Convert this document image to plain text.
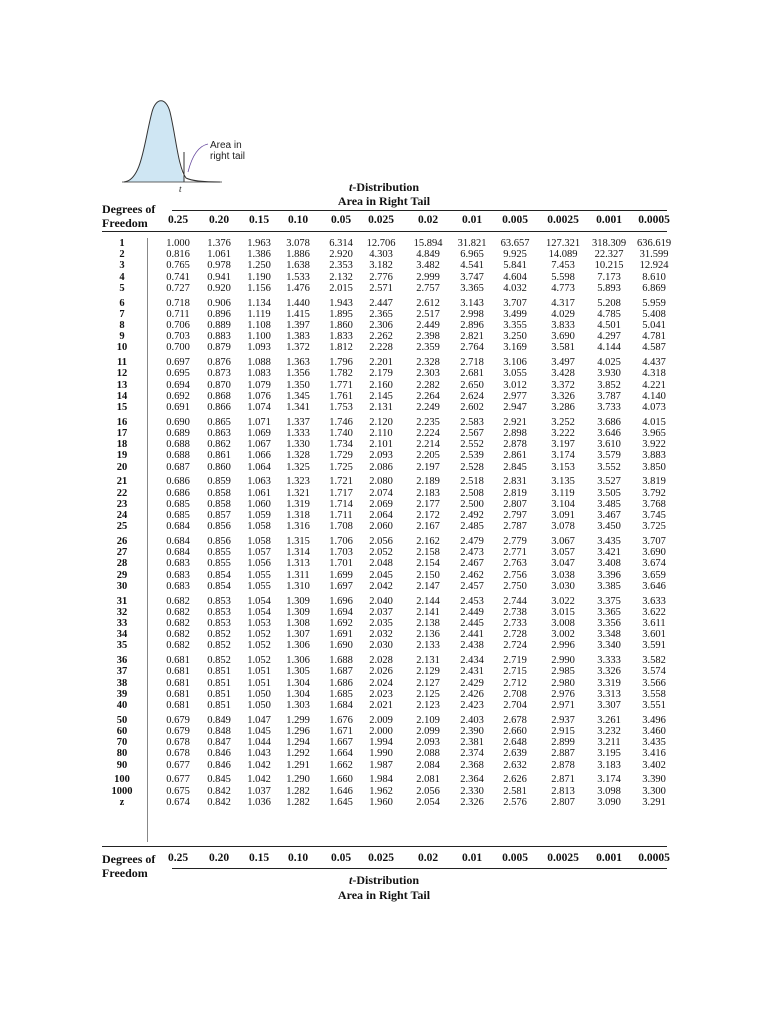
Area in
right tail
t	t-Distribution
Area in Right Tail
Degrees of
Freedom	0.25	0.20	0.15	0.10	0.05	0.025	0.02	0.01	0.005	0.0025	0.001	0.0005
1	1.000	1.376	1.963	3.078	6.314	12.706	15.894	31.821	63.657	127.321	318.309	636.619
2	0.816	1.061	1.386	1.886	2.920	4.303	4.849	6.965	9.925	14.089	22.327	31.599
3	0.765	0.978	1.250	1.638	2.353	3.182	3.482	4.541	5.841	7.453	10.215	12.924
4	0.741	0.941	1.190	1.533	2.132	2.776	2.999	3.747	4.604	5.598	7.173	8.610
5	0.727	0.920	1.156	1.476	2.015	2.571	2.757	3.365	4.032	4.773	5.893	6.869
6	0.718	0.906	1.134	1.440	1.943	2.447	2.612	3.143	3.707	4.317	5.208	5.959
7	0.711	0.896	1.119	1.415	1.895	2.365	2.517	2.998	3.499	4.029	4.785	5.408
8	0.706	0.889	1.108	1.397	1.860	2.306	2.449	2.896	3.355	3.833	4.501	5.041
9	0.703	0.883	1.100	1.383	1.833	2.262	2.398	2.821	3.250	3.690	4.297	4.781
10	0.700	0.879	1.093	1.372	1.812	2.228	2.359	2.764	3.169	3.581	4.144	4.587
11	0.697	0.876	1.088	1.363	1.796	2.201	2.328	2.718	3.106	3.497	4.025	4.437
12	0.695	0.873	1.083	1.356	1.782	2.179	2.303	2.681	3.055	3.428	3.930	4.318
13	0.694	0.870	1.079	1.350	1.771	2.160	2.282	2.650	3.012	3.372	3.852	4.221
14	0.692	0.868	1.076	1.345	1.761	2.145	2.264	2.624	2.977	3.326	3.787	4.140
15	0.691	0.866	1.074	1.341	1.753	2.131	2.249	2.602	2.947	3.286	3.733	4.073
16	0.690	0.865	1.071	1.337	1.746	2.120	2.235	2.583	2.921	3.252	3.686	4.015
17	0.689	0.863	1.069	1.333	1.740	2.110	2.224	2.567	2.898	3.222	3.646	3.965
18	0.688	0.862	1.067	1.330	1.734	2.101	2.214	2.552	2.878	3.197	3.610	3.922
19	0.688	0.861	1.066	1.328	1.729	2.093	2.205	2.539	2.861	3.174	3.579	3.883
20	0.687	0.860	1.064	1.325	1.725	2.086	2.197	2.528	2.845	3.153	3.552	3.850
21	0.686	0.859	1.063	1.323	1.721	2.080	2.189	2.518	2.831	3.135	3.527	3.819
22	0.686	0.858	1.061	1.321	1.717	2.074	2.183	2.508	2.819	3.119	3.505	3.792
23	0.685	0.858	1.060	1.319	1.714	2.069	2.177	2.500	2.807	3.104	3.485	3.768
24	0.685	0.857	1.059	1.318	1.711	2.064	2.172	2.492	2.797	3.091	3.467	3.745
25	0.684	0.856	1.058	1.316	1.708	2.060	2.167	2.485	2.787	3.078	3.450	3.725
26	0.684	0.856	1.058	1.315	1.706	2.056	2.162	2.479	2.779	3.067	3.435	3.707
27	0.684	0.855	1.057	1.314	1.703	2.052	2.158	2.473	2.771	3.057	3.421	3.690
28	0.683	0.855	1.056	1.313	1.701	2.048	2.154	2.467	2.763	3.047	3.408	3.674
29	0.683	0.854	1.055	1.311	1.699	2.045	2.150	2.462	2.756	3.038	3.396	3.659
30	0.683	0.854	1.055	1.310	1.697	2.042	2.147	2.457	2.750	3.030	3.385	3.646
31	0.682	0.853	1.054	1.309	1.696	2.040	2.144	2.453	2.744	3.022	3.375	3.633
32	0.682	0.853	1.054	1.309	1.694	2.037	2.141	2.449	2.738	3.015	3.365	3.622
33	0.682	0.853	1.053	1.308	1.692	2.035	2.138	2.445	2.733	3.008	3.356	3.611
34	0.682	0.852	1.052	1.307	1.691	2.032	2.136	2.441	2.728	3.002	3.348	3.601
35	0.682	0.852	1.052	1.306	1.690	2.030	2.133	2.438	2.724	2.996	3.340	3.591
36	0.681	0.852	1.052	1.306	1.688	2.028	2.131	2.434	2.719	2.990	3.333	3.582
37	0.681	0.851	1.051	1.305	1.687	2.026	2.129	2.431	2.715	2.985	3.326	3.574
38	0.681	0.851	1.051	1.304	1.686	2.024	2.127	2.429	2.712	2.980	3.319	3.566
39	0.681	0.851	1.050	1.304	1.685	2.023	2.125	2.426	2.708	2.976	3.313	3.558
40	0.681	0.851	1.050	1.303	1.684	2.021	2.123	2.423	2.704	2.971	3.307	3.551
50	0.679	0.849	1.047	1.299	1.676	2.009	2.109	2.403	2.678	2.937	3.261	3.496
60	0.679	0.848	1.045	1.296	1.671	2.000	2.099	2.390	2.660	2.915	3.232	3.460
70	0.678	0.847	1.044	1.294	1.667	1.994	2.093	2.381	2.648	2.899	3.211	3.435
80	0.678	0.846	1.043	1.292	1.664	1.990	2.088	2.374	2.639	2.887	3.195	3.416
90	0.677	0.846	1.042	1.291	1.662	1.987	2.084	2.368	2.632	2.878	3.183	3.402
100	0.677	0.845	1.042	1.290	1.660	1.984	2.081	2.364	2.626	2.871	3.174	3.390
1000	0.675	0.842	1.037	1.282	1.646	1.962	2.056	2.330	2.581	2.813	3.098	3.300
z	0.674	0.842	1.036	1.282	1.645	1.960	2.054	2.326	2.576	2.807	3.090	3.291
Degrees of
Freedom
0.25	0.20	0.15	0.10	0.05	0.025	0.02	0.01	0.005	0.0025	0.001	0.0005
t-Distribution
Area in Right Tail
